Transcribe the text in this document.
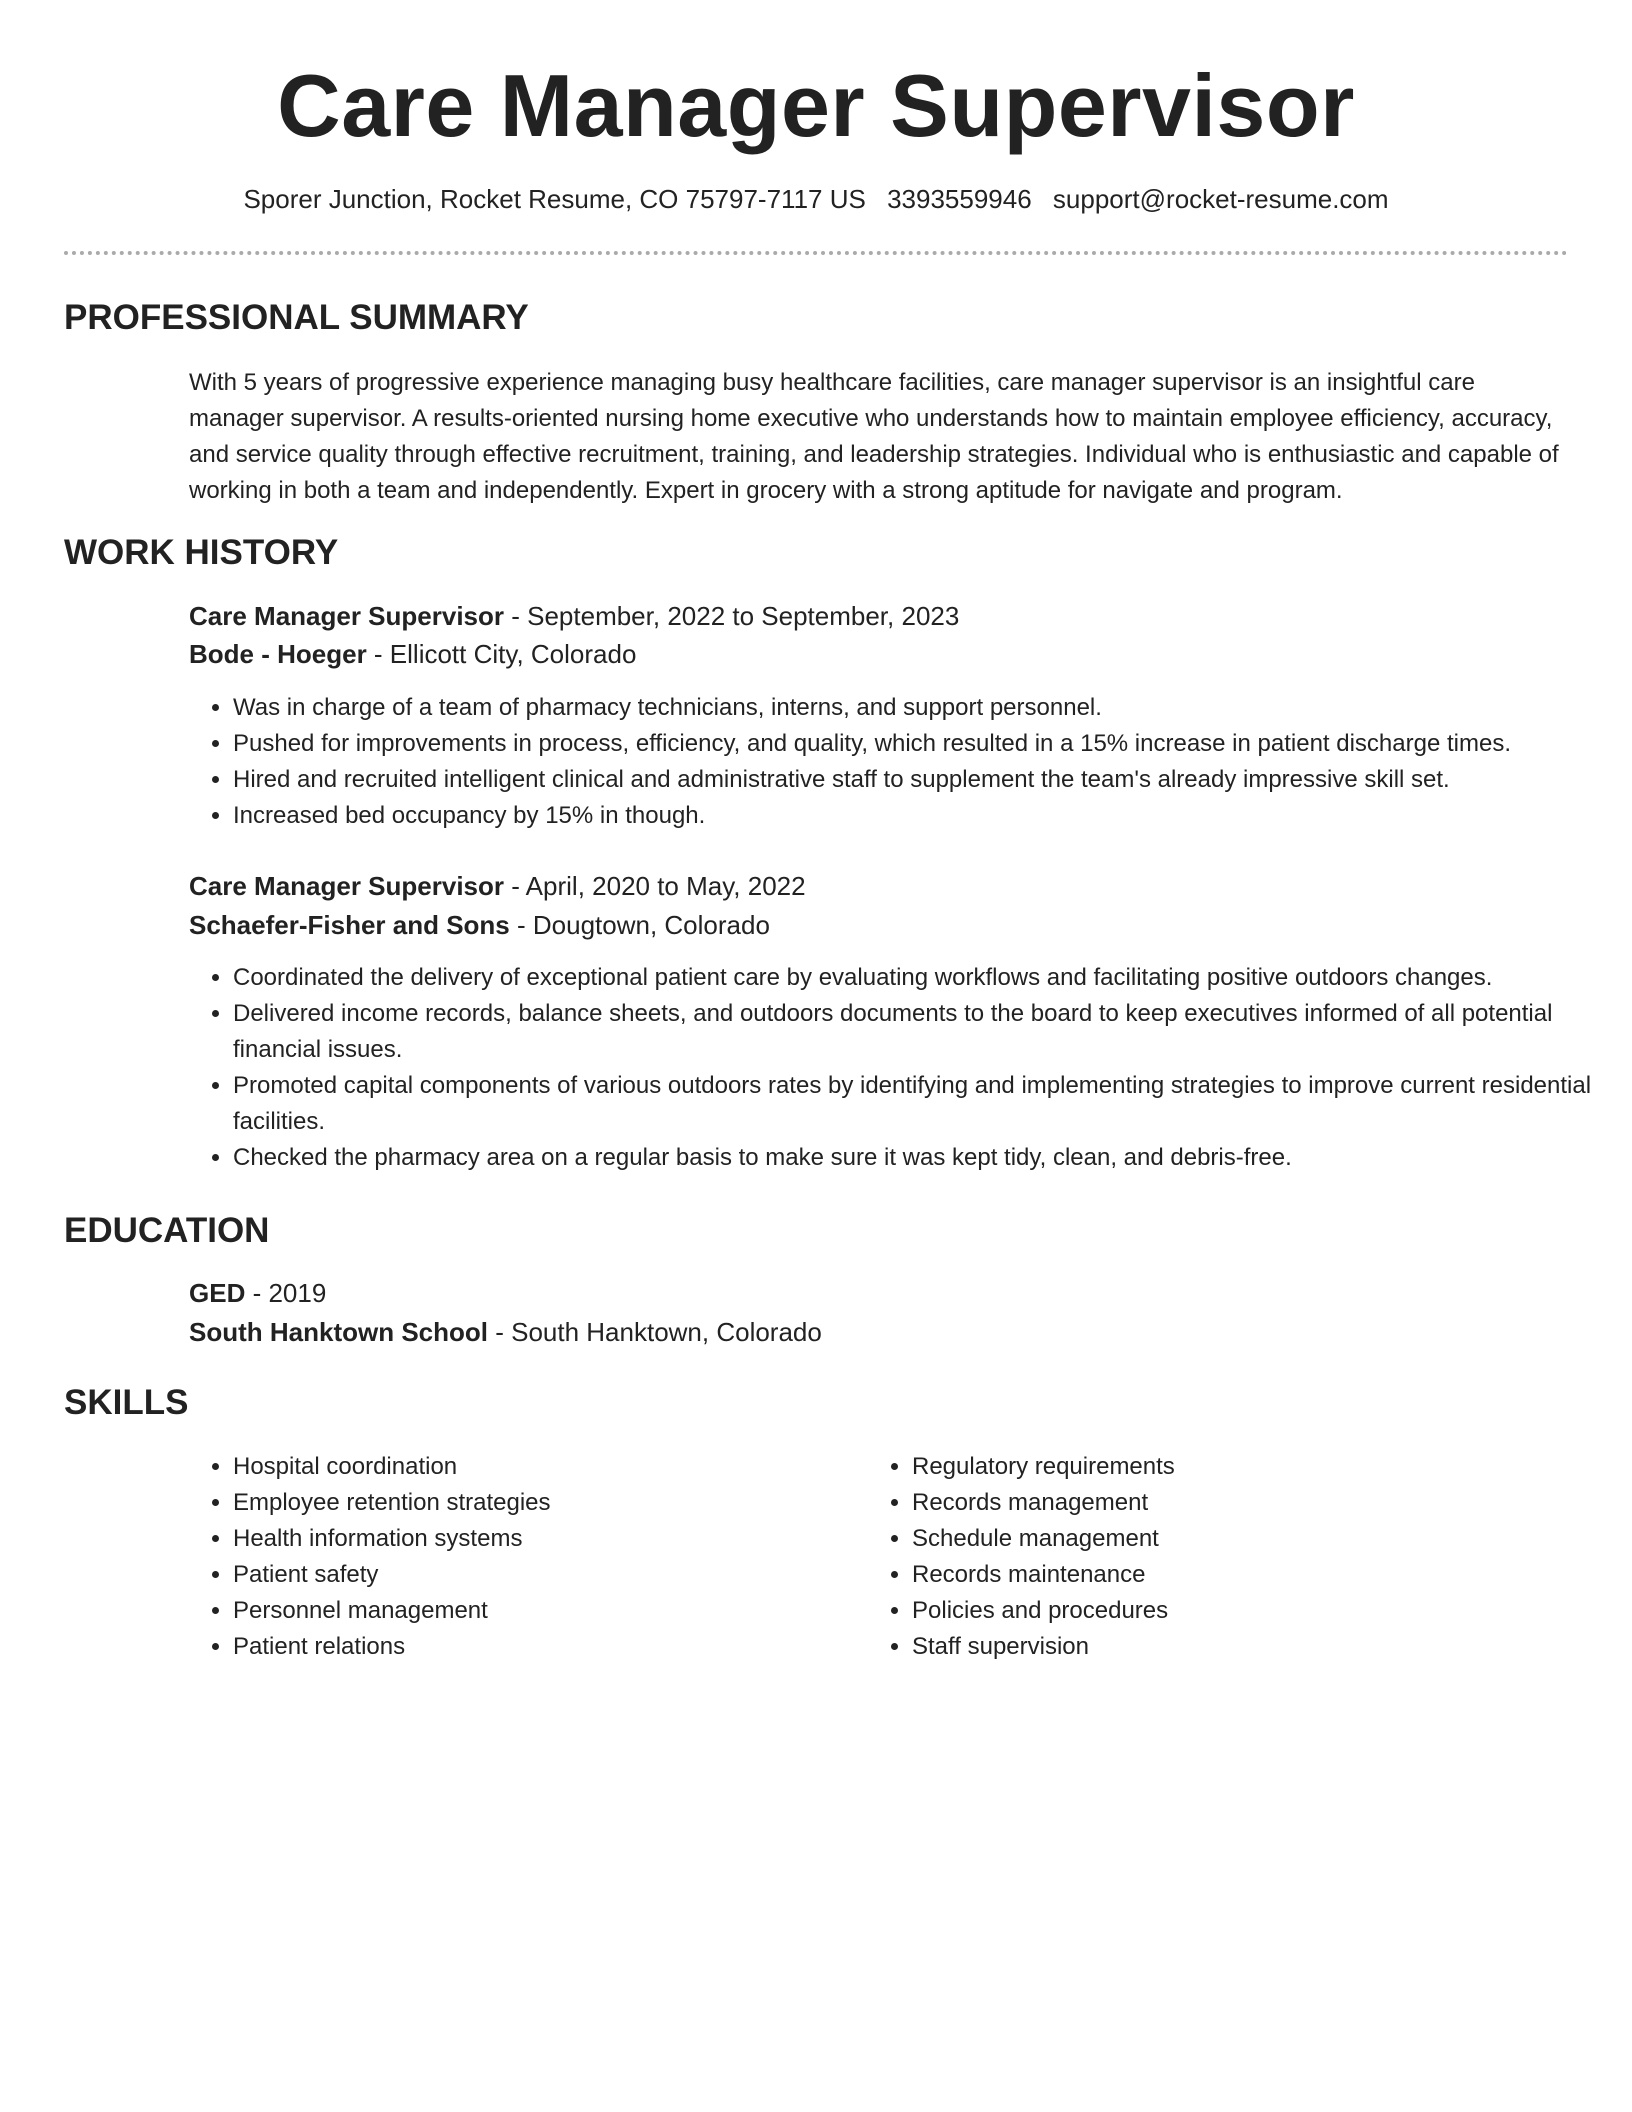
Care Manager Supervisor
Sporer Junction, Rocket Resume, CO 75797-7117 US 3393559946 support@rocket-resume.com
PROFESSIONAL SUMMARY

With 5 years of progressive experience managing busy healthcare facilities, care manager supervisor is an insightful care manager supervisor. A results-oriented nursing home executive who understands how to maintain employee efficiency, accuracy, and service quality through effective recruitment, training, and leadership strategies. Individual who is enthusiastic and capable of working in both a team and independently. Expert in grocery with a strong aptitude for navigate and program.

WORK HISTORY
Care Manager Supervisor - September, 2022 to September, 2023
Bode - Hoeger - Ellicott City, Colorado
• Was in charge of a team of pharmacy technicians, interns, and support personnel.
• Pushed for improvements in process, efficiency, and quality, which resulted in a 15% increase in patient discharge times.
• Hired and recruited intelligent clinical and administrative staff to supplement the team's already impressive skill set.
• Increased bed occupancy by 15% in though.
Care Manager Supervisor - April, 2020 to May, 2022
Schaefer-Fisher and Sons - Dougtown, Colorado
• Coordinated the delivery of exceptional patient care by evaluating workflows and facilitating positive outdoors changes.
• Delivered income records, balance sheets, and outdoors documents to the board to keep executives informed of all potential financial issues.
• Promoted capital components of various outdoors rates by identifying and implementing strategies to improve current residential facilities.
• Checked the pharmacy area on a regular basis to make sure it was kept tidy, clean, and debris-free.
EDUCATION
GED - 2019
South Hanktown School - South Hanktown, Colorado
SKILLS
• Hospital coordination
• Employee retention strategies
• Health information systems
• Patient safety
• Personnel management
• Patient relations
• Regulatory requirements
• Records management
• Schedule management
• Records maintenance
• Policies and procedures
• Staff supervision
